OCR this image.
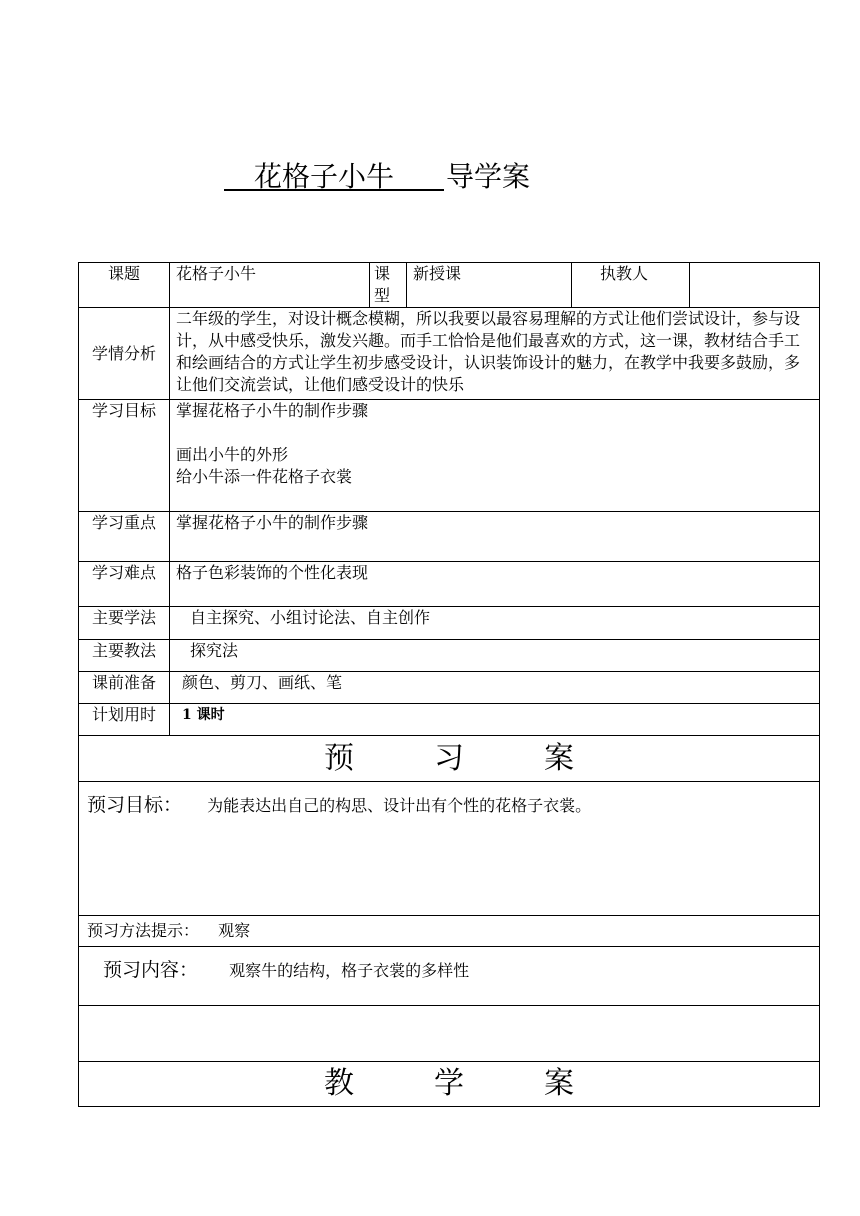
花格子小牛 导学案
课题	花格子小牛	课型	新授课	执教人	
学情分析	二年级的学生，对设计概念模糊，所以我要以最容易理解的方式让他们尝试设计，参与设计，从中感受快乐，激发兴趣。而手工恰恰是他们最喜欢的方式，这一课，教材结合手工和绘画结合的方式让学生初步感受设计，认识装饰设计的魅力，在教学中我要多鼓励，多让他们交流尝试，让他们感受设计的快乐				
学习目标	掌握花格子小牛的制作步骤
画出小牛的外形
给小牛添一件花格子衣裳				

学习重点	掌握花格子小牛的制作步骤				
学习难点	格子色彩装饰的个性化表现				
主要学法	自主探究、小组讨论法、自主创作				
主要教法	探究法				
课前准备	颜色、剪刀、画纸、笔				
计划用时	1 课时				
预 习 案					
预习目标： 为能表达出自己的构思、设计出有个性的花格子衣裳。					
预习方法提示： 观察					
预习内容： 观察牛的结构，格子衣裳的多样性					

教 学 案					
